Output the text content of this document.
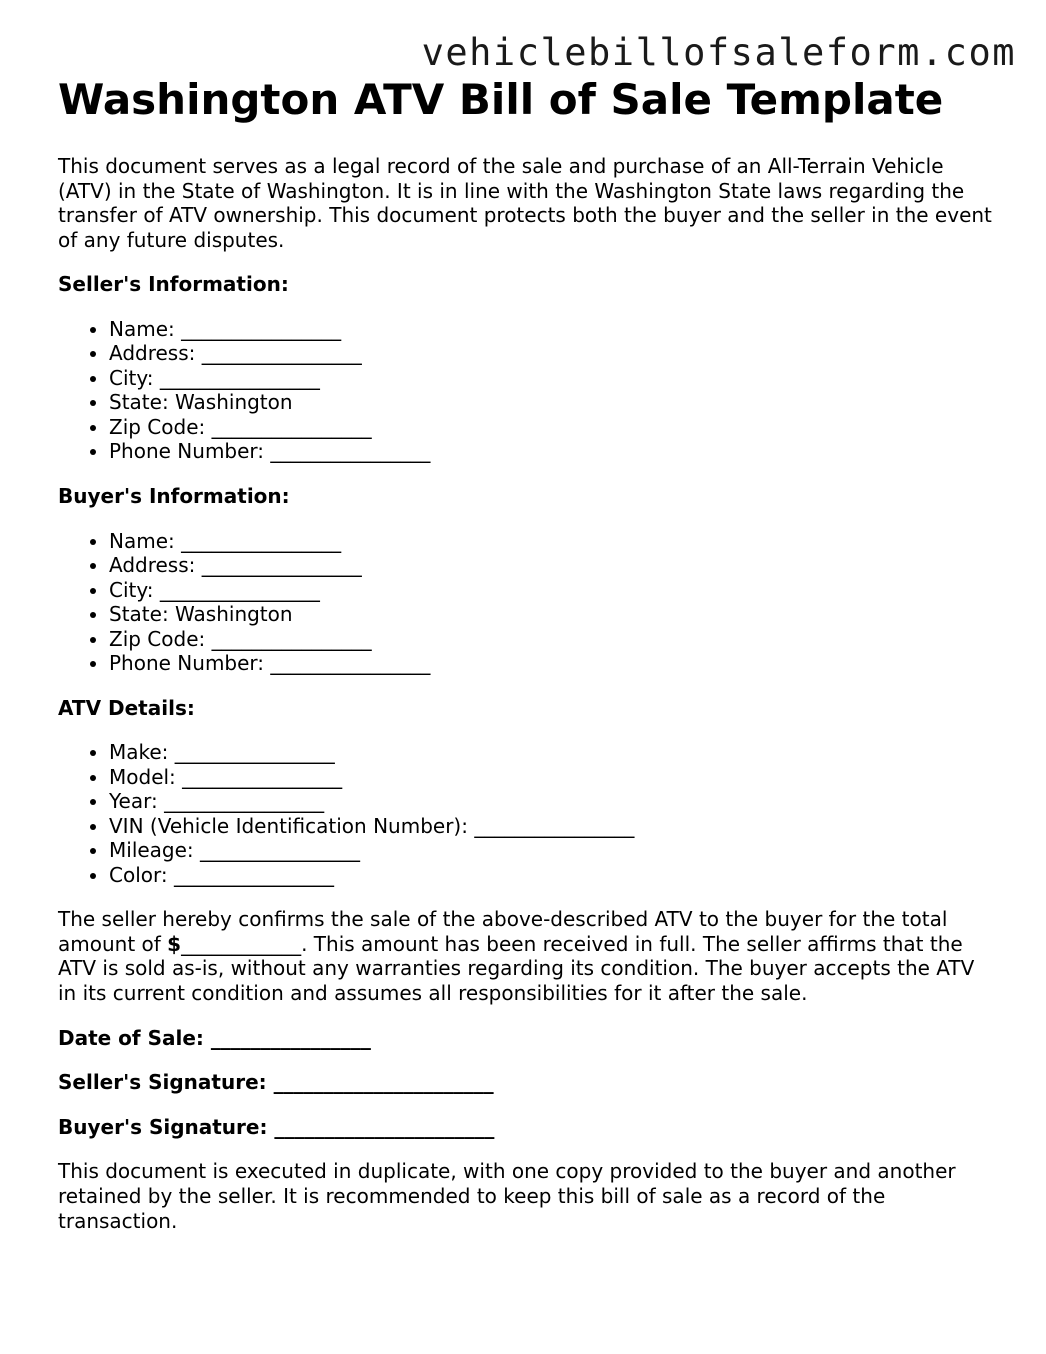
vehiclebillofsaleform.com
Washington ATV Bill of Sale Template

This document serves as a legal record of the sale and purchase of an All-Terrain Vehicle (ATV) in the State of Washington. It is in line with the Washington State laws regarding the transfer of ATV ownership. This document protects both the buyer and the seller in the event of any future disputes.

Seller's Information:
• Name: ________________
• Address: ________________
• City: ________________
• State: Washington
• Zip Code: ________________
• Phone Number: ________________
Buyer's Information:
• Name: ________________
• Address: ________________
• City: ________________
• State: Washington
• Zip Code: ________________
• Phone Number: ________________
ATV Details:
• Make: ________________
• Model: ________________
• Year: ________________
• VIN (Vehicle Identification Number): ________________
• Mileage: ________________
• Color: ________________

The seller hereby confirms the sale of the above-described ATV to the buyer for the total amount of $____________. This amount has been received in full. The seller affirms that the ATV is sold as-is, without any warranties regarding its condition. The buyer accepts the ATV in its current condition and assumes all responsibilities for it after the sale.

Date of Sale: ________________
Seller's Signature: ______________________
Buyer's Signature: ______________________

This document is executed in duplicate, with one copy provided to the buyer and another retained by the seller. It is recommended to keep this bill of sale as a record of the transaction.
